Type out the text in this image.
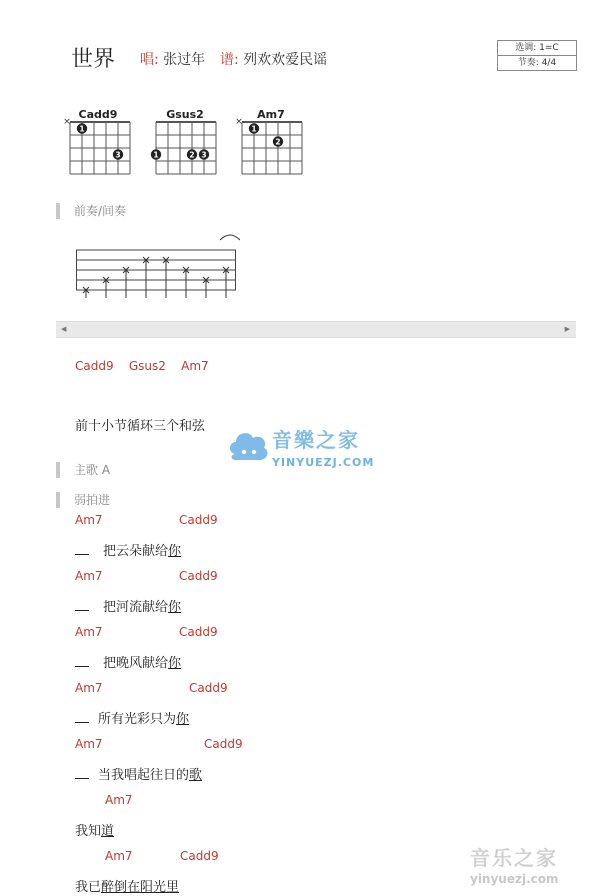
世界 唱: 张过年 谱: 列欢欢爱民谣
选调: 1=C
节奏: 4/4
Cadd9	Gsus2	Am7
×
1
3	1	2 3
×
1
2
前奏/间奏
◀	▶
Cadd9    Gsus2    Am7
前十小节循环三个和弦
音樂之家
YINYUEZJ.COM
主歌 A
弱拍进
Am7	Cadd9
把云朵献给你
Am7	Cadd9
把河流献给你
Am7	Cadd9
把晚风献给你
Am7	Cadd9
所有光彩只为你
Am7	Cadd9
当我唱起往日的歌
Am7
我知道
Am7	Cadd9
我已醉倒在阳光里
音乐之家
yinyuezj.com
